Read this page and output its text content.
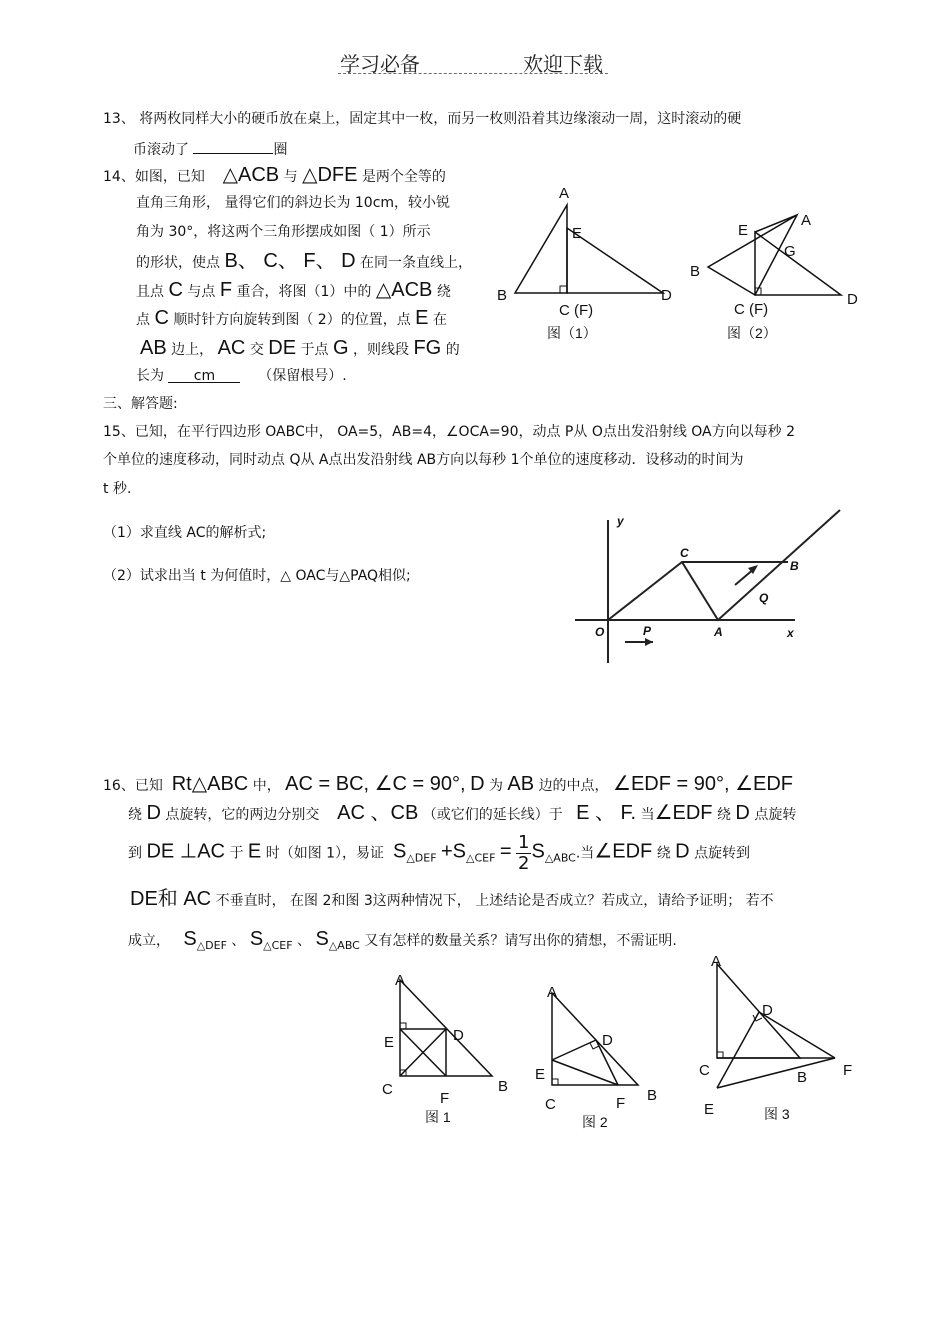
学习必备	欢迎下载
13、 将两枚同样大小的硬币放在桌上，固定其中一枚，而另一枚则沿着其边缘滚动一周，这时滚动的硬
币滚动了	圈
14、如图，已知 △ACB 与 △DFE 是两个全等的
直角三角形， 量得它们的斜边长为 10cm，较小锐
角为 30°，将这两个三角形摆成如图（ 1）所示
的形状，使点 B、 C、 F、 D 在同一条直线上，
且点 C 与点 F 重合，将图（1）中的 △ACB 绕
点 C 顺时针方向旋转到图（ 2）的位置，点 E 在
AB 边上， AC 交 DE 于点 G ，则线段 FG 的
长为 cm	（保留根号）.
A
E
B
C (F)
D
图（1）
E
A
G
B
C (F)
D
图（2）
三、解答题:
15、已知，在平行四边形 OABC中， OA=5，AB=4，∠OCA=90，动点 P从 O点出发沿射线 OA方向以每秒 2
个单位的速度移动，同时动点 Q从 A点出发沿射线 AB方向以每秒 1个单位的速度移动．设移动的时间为
t 秒.
（1）求直线 AC的解析式;
（2）试求出当 t 为何值时，△ OAC与△PAQ相似;
y
x
O	P	A
C
B
Q
16、已知 Rt△ABC 中， AC = BC, ∠C = 90°, D 为 AB 边的中点， ∠EDF = 90°, ∠EDF
绕 D 点旋转，它的两边分别交 AC 、CB （或它们的延长线）于 E 、 F. 当∠EDF 绕 D 点旋转
到 DE ⊥AC 于 E 时（如图 1），易证 $S_{\triangle DEF} +S_{\triangle CEF} = \frac{1}{2} S_{\triangle ABC}$.当∠EDF 绕 D 点旋转到
DE和 AC 不垂直时， 在图 2和图 3这两种情况下， 上述结论是否成立？若成立，请给予证明； 若不
成立， $S_{\triangle DEF}$ 、 $S_{\triangle CEF}$ 、 $S_{\triangle ABC}$ 又有怎样的数量关系？请写出你的猜想，不需证明.
A
E	D
C
F
B
图 1
A
D
E
C	F B
图 2
A
D
C	B F
E	图 3
